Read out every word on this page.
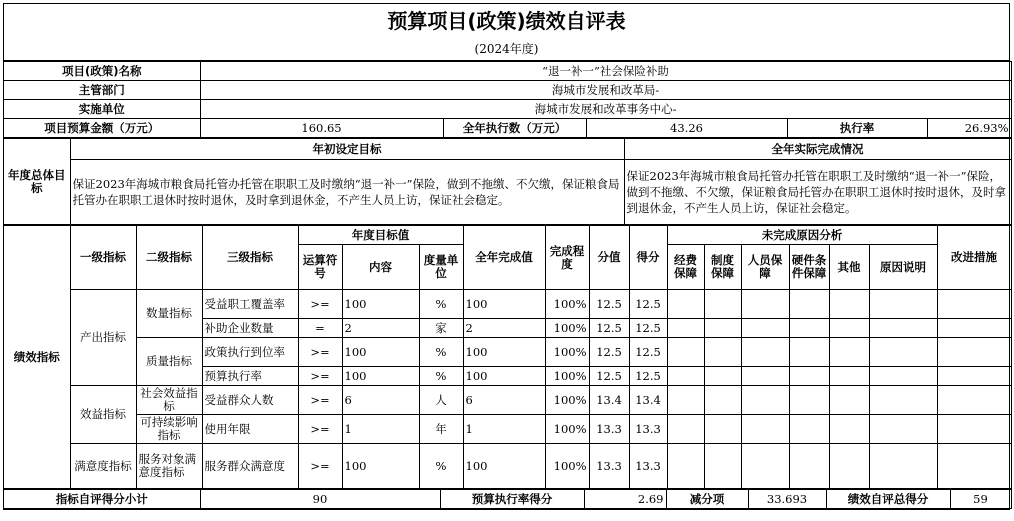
预算项目(政策)绩效自评表
(2024年度)
项目(政策)名称	“退一补一”社会保险补助				
主管部门	海城市发展和改革局-				
实施单位	海城市发展和改革事务中心-				
项目预算金额（万元）	160.65	全年执行数（万元）	43.26	执行率	26.93%
年度总体目标	年初设定目标	全年实际完成情况
	保证2023年海城市粮食局托管办托管在职职工及时缴纳“退一补一”保险，做到不拖缴、不欠缴，保证粮食局托管办在职职工退休时按时退休，及时拿到退休金，不产生人员上访，保证社会稳定。	保证2023年海城市粮食局托管办托管在职职工及时缴纳“退一补一”保险，做到不拖缴、不欠缴，保证粮食局托管办在职职工退休时按时退休，及时拿到退休金，不产生人员上访，保证社会稳定。
绩效指标	一级指标	二级指标	三级指标	年度目标值			全年完成值	完成程度	分值	得分	未完成原因分析						改进措施
				运算符号	内容	度量单位					经费保障	制度保障	人员保障	硬件条件保障	其他	原因说明	
	产出指标	数量指标	受益职工覆盖率	>=	100	%	100	100%	12.5	12.5							
			补助企业数量	=	2	家	2	100%	12.5	12.5							
		质量指标	政策执行到位率	>=	100	%	100	100%	12.5	12.5							
			预算执行率	>=	100	%	100	100%	12.5	12.5							
	效益指标	社会效益指标	受益群众人数	>=	6	人	6	100%	13.4	13.4							
		可持续影响指标	使用年限	>=	1	年	1	100%	13.3	13.3							
	满意度指标	服务对象满意度指标	服务群众满意度	>=	100	%	100	100%	13.3	13.3							
指标自评得分小计	90	预算执行率得分	2.69	减分项	33.693	绩效自评总得分	59
